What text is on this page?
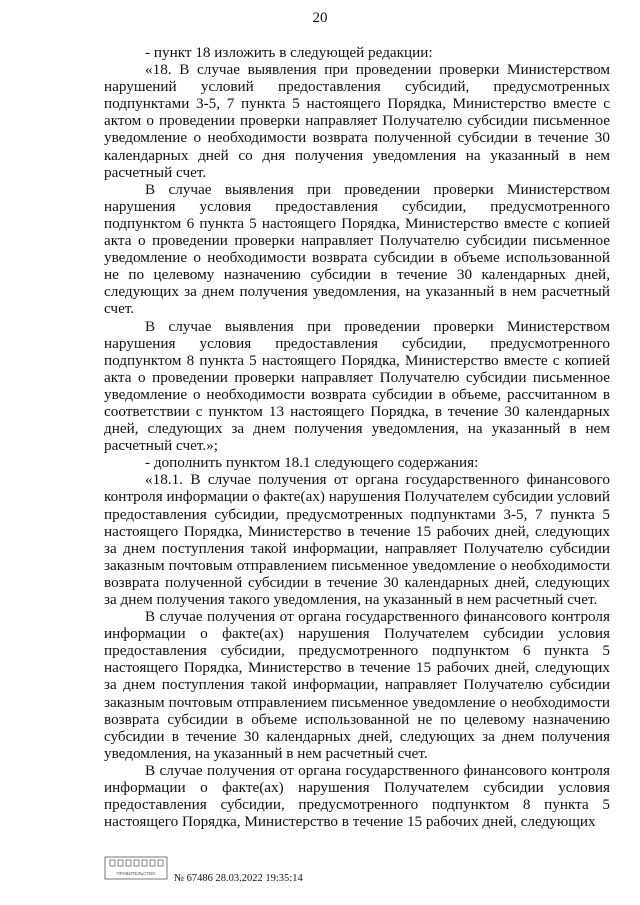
20

- пункт 18 изложить в следующей редакции:

«18. В случае выявления при проведении проверки Министерством нарушений условий предоставления субсидий, предусмотренных подпунктами 3-5, 7 пункта 5 настоящего Порядка, Министерство вместе с актом о проведении проверки направляет Получателю субсидии письменное уведомление о необходимости возврата полученной субсидии в течение 30 календарных дней со дня получения уведомления на указанный в нем расчетный счет.

В случае выявления при проведении проверки Министерством нарушения условия предоставления субсидии, предусмотренного подпунктом 6 пункта 5 настоящего Порядка, Министерство вместе с копией акта о проведении проверки направляет Получателю субсидии письменное уведомление о необходимости возврата субсидии в объеме использованной не по целевому назначению субсидии в течение 30 календарных дней, следующих за днем получения уведомления, на указанный в нем расчетный счет.

В случае выявления при проведении проверки Министерством нарушения условия предоставления субсидии, предусмотренного подпунктом 8 пункта 5 настоящего Порядка, Министерство вместе с копией акта о проведении проверки направляет Получателю субсидии письменное уведомление о необходимости возврата субсидии в объеме, рассчитанном в соответствии с пунктом 13 настоящего Порядка, в течение 30 календарных дней, следующих за днем получения уведомления, на указанный в нем расчетный счет.»;

- дополнить пунктом 18.1 следующего содержания:

«18.1. В случае получения от органа государственного финансового контроля информации о факте(ах) нарушения Получателем субсидии условий предоставления субсидии, предусмотренных подпунктами 3-5, 7 пункта 5 настоящего Порядка, Министерство в течение 15 рабочих дней, следующих за днем поступления такой информации, направляет Получателю субсидии заказным почтовым отправлением письменное уведомление о необходимости возврата полученной субсидии в течение 30 календарных дней, следующих за днем получения такого уведомления, на указанный в нем расчетный счет.

В случае получения от органа государственного финансового контроля информации о факте(ах) нарушения Получателем субсидии условия предоставления субсидии, предусмотренного подпунктом 6 пункта 5 настоящего Порядка, Министерство в течение 15 рабочих дней, следующих за днем поступления такой информации, направляет Получателю субсидии заказным почтовым отправлением письменное уведомление о необходимости возврата субсидии в объеме использованной не по целевому назначению субсидии в течение 30 календарных дней, следующих за днем получения уведомления, на указанный в нем расчетный счет.

В случае получения от органа государственного финансового контроля информации о факте(ах) нарушения Получателем субсидии условия предоставления субсидии, предусмотренного подпунктом 8 пункта 5 настоящего Порядка, Министерство в течение 15 рабочих дней, следующих

ПРАВИТЕЛЬСТВО № 67486 28.03.2022 19:35:14
